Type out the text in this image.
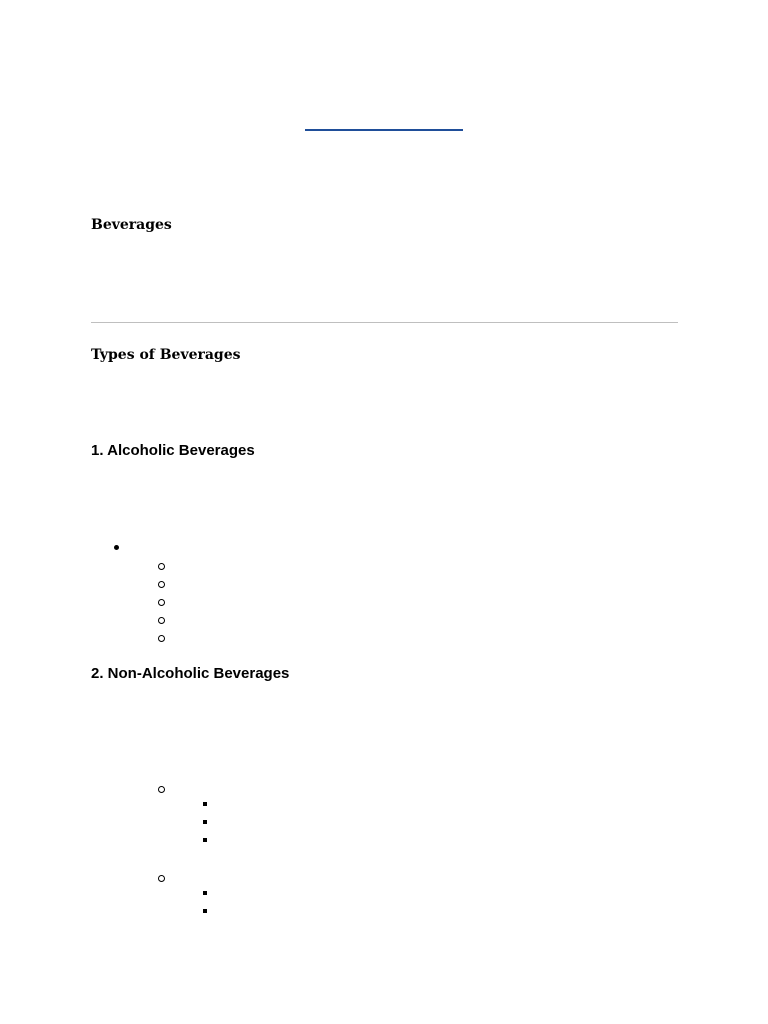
Beverages
Types of Beverages
1. Alcoholic Beverages
2. Non-Alcoholic Beverages
